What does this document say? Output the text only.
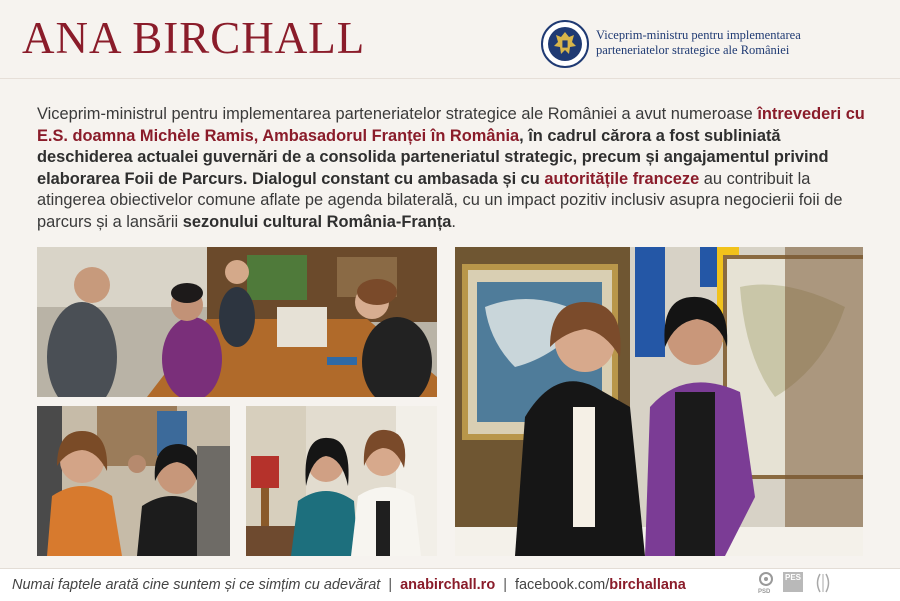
ANA BIRCHALL	Viceprim-ministru pentru implementarea
parteneriatelor strategice ale României
Viceprim-ministrul pentru implementarea parteneriatelor strategice ale României a avut numeroase întrevederi cu E.S. doamna Michèle Ramis, Ambasadorul Franței în România, în cadrul cărora a fost subliniată deschiderea actualei guvernări de a consolida parteneriatul strategic, precum și angajamentul privind elaborarea Foii de Parcurs. Dialogul constant cu ambasada și cu autoritățile franceze au contribuit la atingerea obiectivelor comune aflate pe agenda bilaterală, cu un impact pozitiv inclusiv asupra negocierii foii de parcurs și a lansării sezonului cultural România-Franța.
Numai faptele arată cine suntem și ce simțim cu adevărat | anabirchall.ro | facebook.com/birchallana	PSD
PES
